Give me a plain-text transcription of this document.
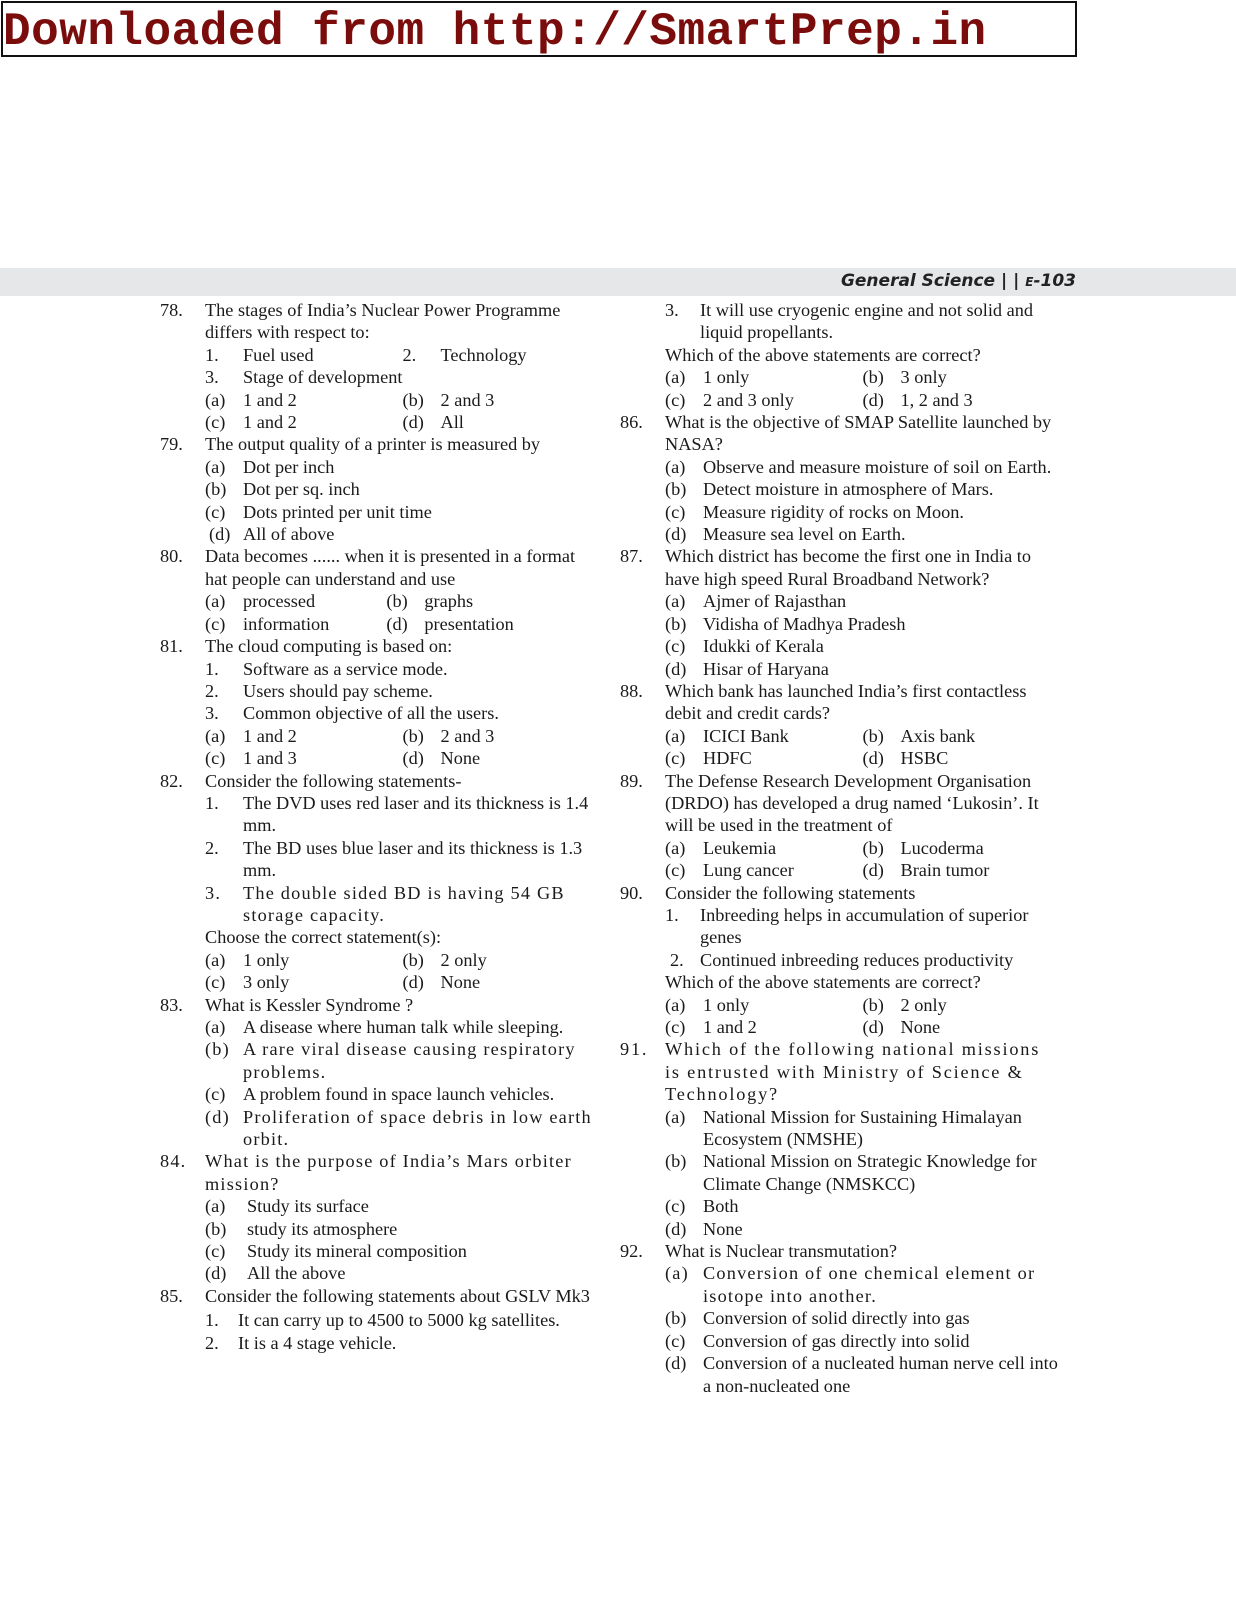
Downloaded from http://SmartPrep.in
General Science | | E-103
78. The stages of India’s Nuclear Power Programme differs with respect to:
1. Fuel used	2. Technology
3. Stage of development
(a) 1 and 2	(b) 2 and 3
(c) 1 and 2	(d) All
79. The output quality of a printer is measured by
(a) Dot per inch
(b) Dot per sq. inch
(c) Dots printed per unit time
(d) All of above
80. Data becomes ...... when it is presented in a format hat people can understand and use
(a) processed	(b) graphs
(c) information	(d) presentation
81. The cloud computing is based on:
1. Software as a service mode.
2. Users should pay scheme.
3. Common objective of all the users.
(a) 1 and 2	(b) 2 and 3
(c) 1 and 3	(d) None
82. Consider the following statements-
1. The DVD uses red laser and its thickness is 1.4 mm.
2. The BD uses blue laser and its thickness is 1.3 mm.
3. The double sided BD is having 54 GB storage capacity.
Choose the correct statement(s):
(a) 1 only	(b) 2 only
(c) 3 only	(d) None
83. What is Kessler Syndrome ?
(a) A disease where human talk while sleeping.
(b) A rare viral disease causing respiratory problems.
(c) A problem found in space launch vehicles.
(d) Proliferation of space debris in low earth orbit.
84. What is the purpose of India’s Mars orbiter mission?
(a) Study its surface
(b) study its atmosphere
(c) Study its mineral composition
(d) All the above
85. Consider the following statements about GSLV Mk3
1. It can carry up to 4500 to 5000 kg satellites.
2. It is a 4 stage vehicle.
3. It will use cryogenic engine and not solid and liquid propellants.
Which of the above statements are correct?
(a) 1 only	(b) 3 only
(c) 2 and 3 only	(d) 1, 2 and 3
86. What is the objective of SMAP Satellite launched by NASA?
(a) Observe and measure moisture of soil on Earth.
(b) Detect moisture in atmosphere of Mars.
(c) Measure rigidity of rocks on Moon.
(d) Measure sea level on Earth.
87. Which district has become the first one in India to have high speed Rural Broadband Network?
(a) Ajmer of Rajasthan
(b) Vidisha of Madhya Pradesh
(c) Idukki of Kerala
(d) Hisar of Haryana
88. Which bank has launched India’s first contactless debit and credit cards?
(a) ICICI Bank	(b) Axis bank
(c) HDFC	(d) HSBC
89. The Defense Research Development Organisation (DRDO) has developed a drug named ‘Lukosin’. It will be used in the treatment of
(a) Leukemia	(b) Lucoderma
(c) Lung cancer	(d) Brain tumor
90. Consider the following statements
1. Inbreeding helps in accumulation of superior genes
2. Continued inbreeding reduces productivity
Which of the above statements are correct?
(a) 1 only	(b) 2 only
(c) 1 and 2	(d) None
91. Which of the following national missions is entrusted with Ministry of Science & Technology?
(a) National Mission for Sustaining Himalayan Ecosystem (NMSHE)
(b) National Mission on Strategic Knowledge for Climate Change (NMSKCC)
(c) Both
(d) None
92. What is Nuclear transmutation?
(a) Conversion of one chemical element or isotope into another.
(b) Conversion of solid directly into gas
(c) Conversion of gas directly into solid
(d) Conversion of a nucleated human nerve cell into a non-nucleated one
